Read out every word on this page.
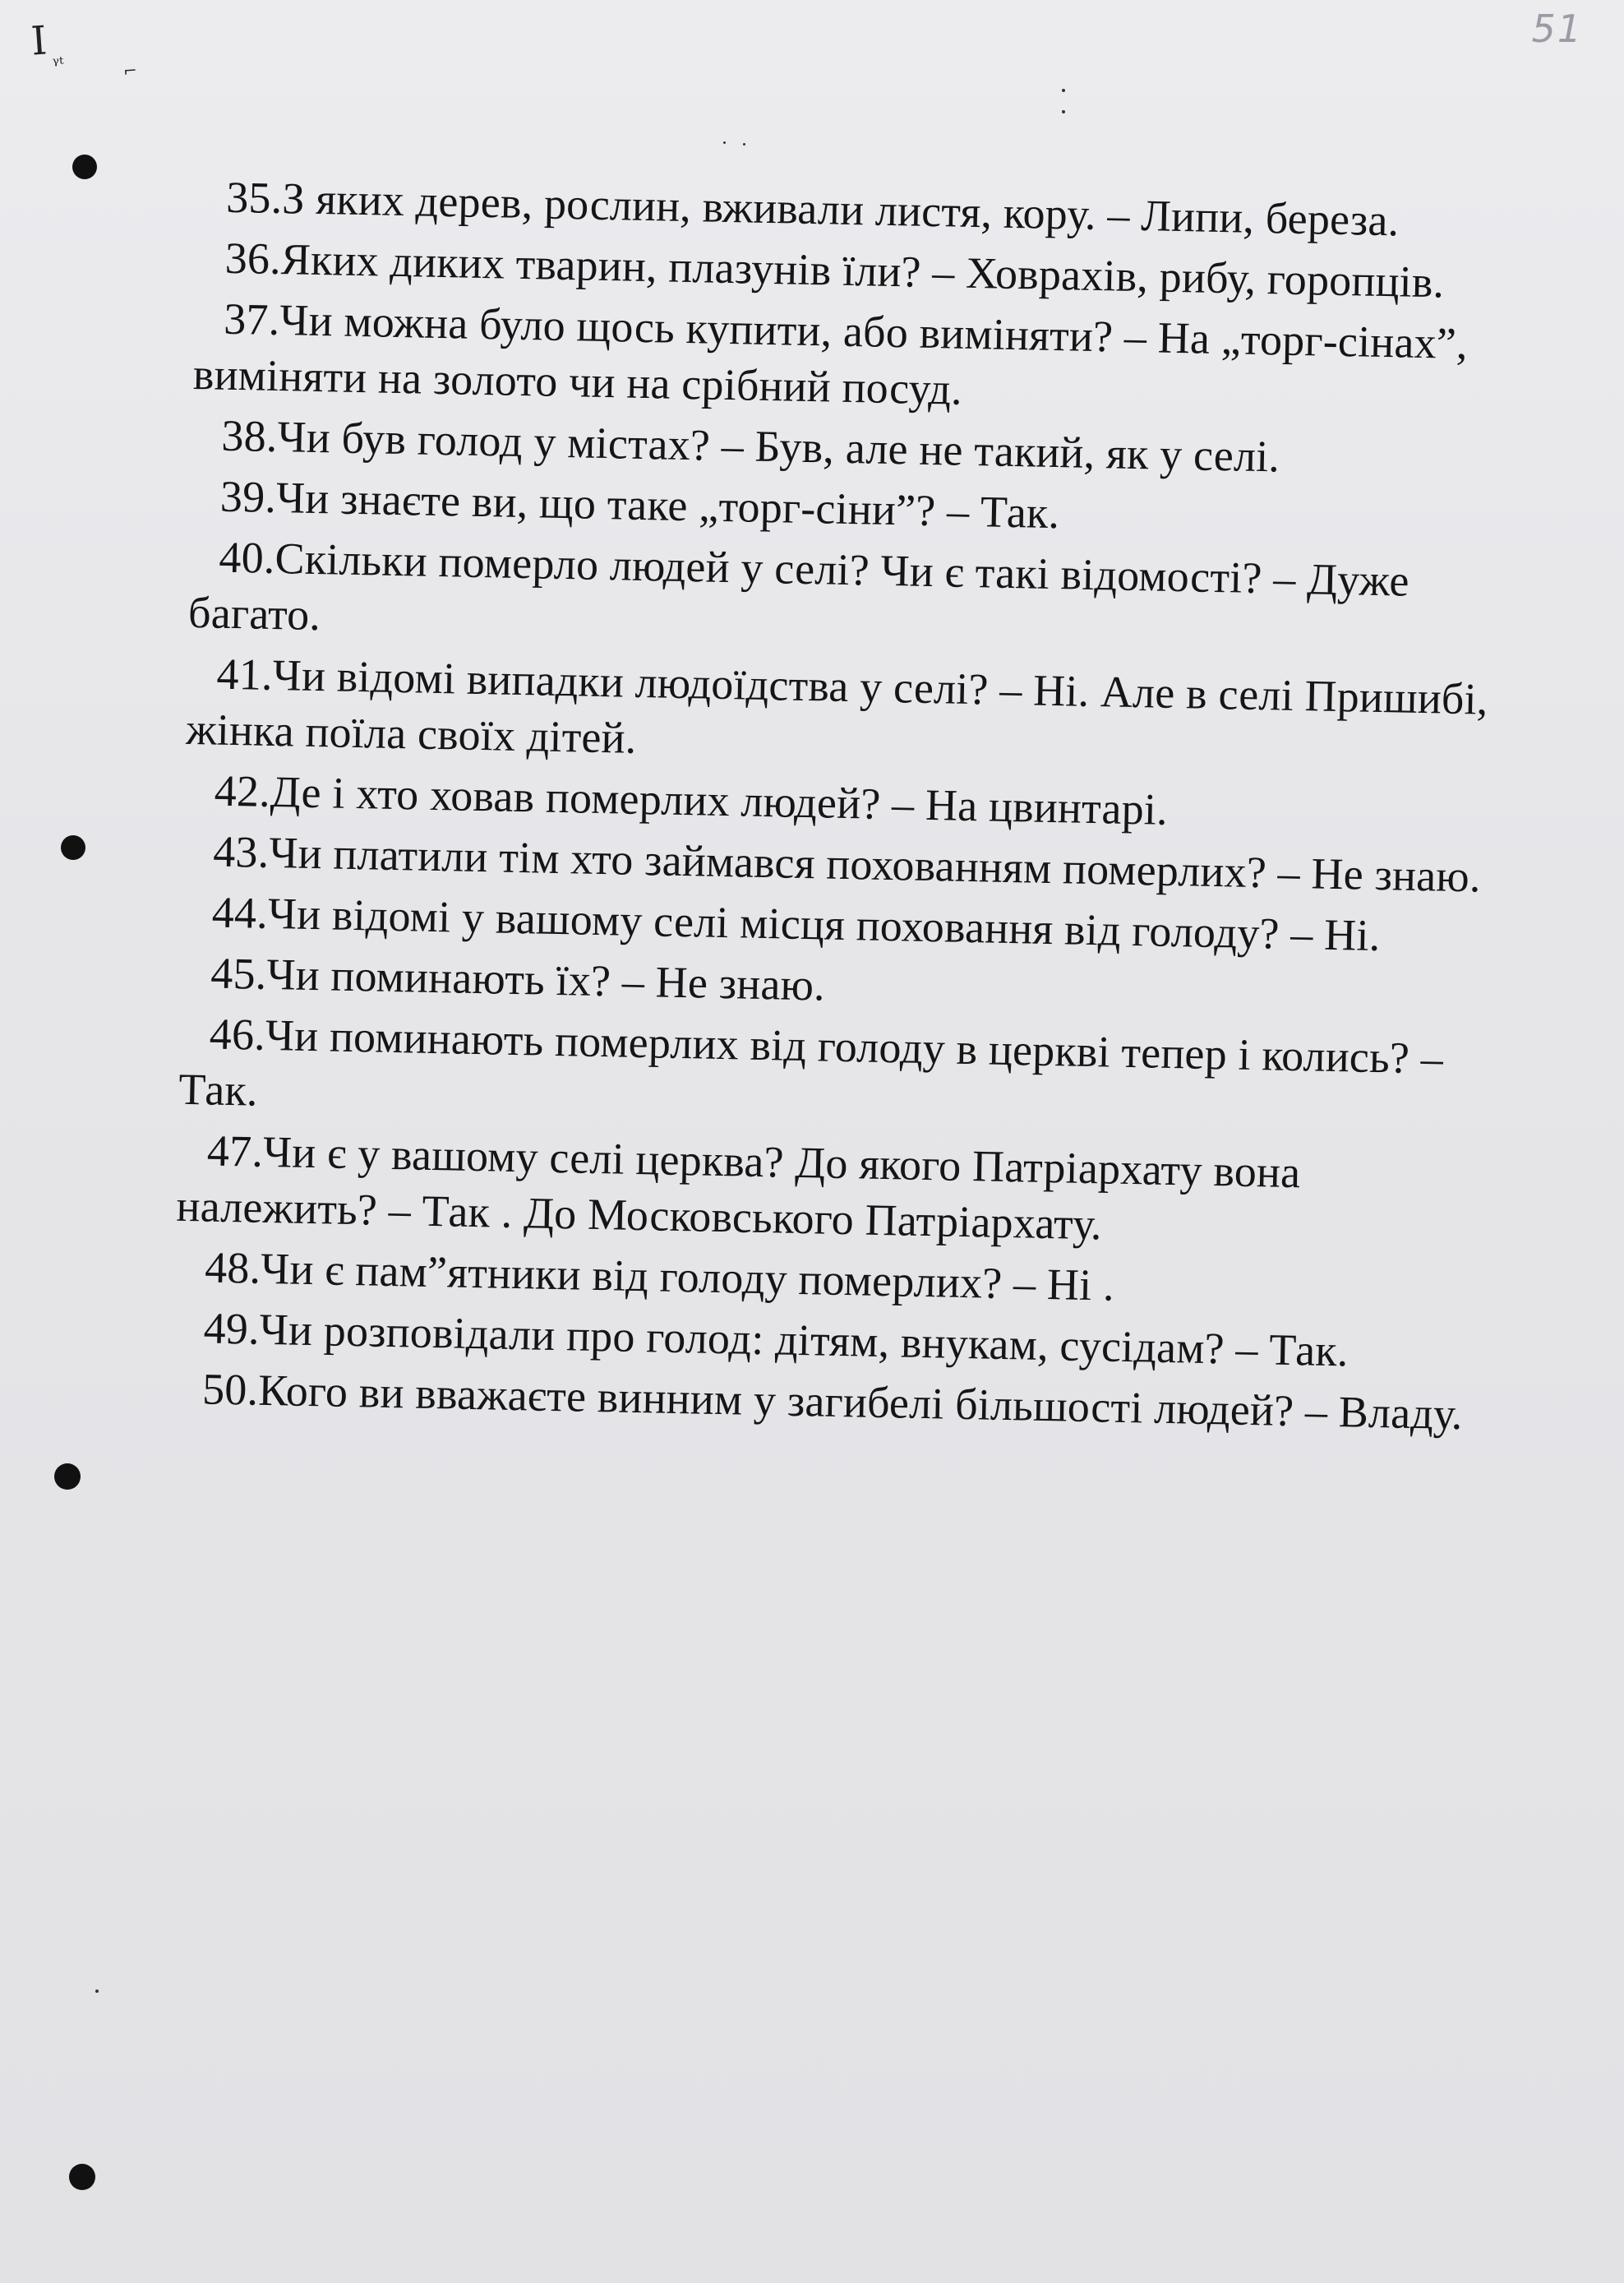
I ᵞᵗ	⌐
51

35.З яких дерев, рослин, вживали листя, кору. – Липи, береза.

36.Яких диких тварин, плазунів їли? – Ховрахів, рибу, горопців.

37.Чи можна було щось купити, або виміняти? – На „торг-сінах”, виміняти на золото чи на срібний посуд.

38.Чи був голод у містах? – Був, але не такий, як у селі.

39.Чи знаєте ви, що таке „торг-сіни”? – Так.

40.Скільки померло людей у селі? Чи є такі відомості? – Дуже багато.

41.Чи відомі випадки людоїдства у селі? – Ні. Але в селі Пришибі, жінка поїла своїх дітей.

42.Де і хто ховав померлих людей? – На цвинтарі.

43.Чи платили тім хто займався похованням померлих? – Не знаю.

44.Чи відомі у вашому селі місця поховання від голоду? – Ні.

45.Чи поминають їх? – Не знаю.

46.Чи поминають померлих від голоду в церкві тепер і колись? – Так.

47.Чи є у вашому селі церква? До якого Патріархату вона належить? – Так . До Московського Патріархату.

48.Чи є пам”ятники від голоду померлих? – Ні .

49.Чи розповідали про голод: дітям, внукам, сусідам? – Так.

50.Кого ви вважаєте винним у загибелі більшості людей? – Владу.
